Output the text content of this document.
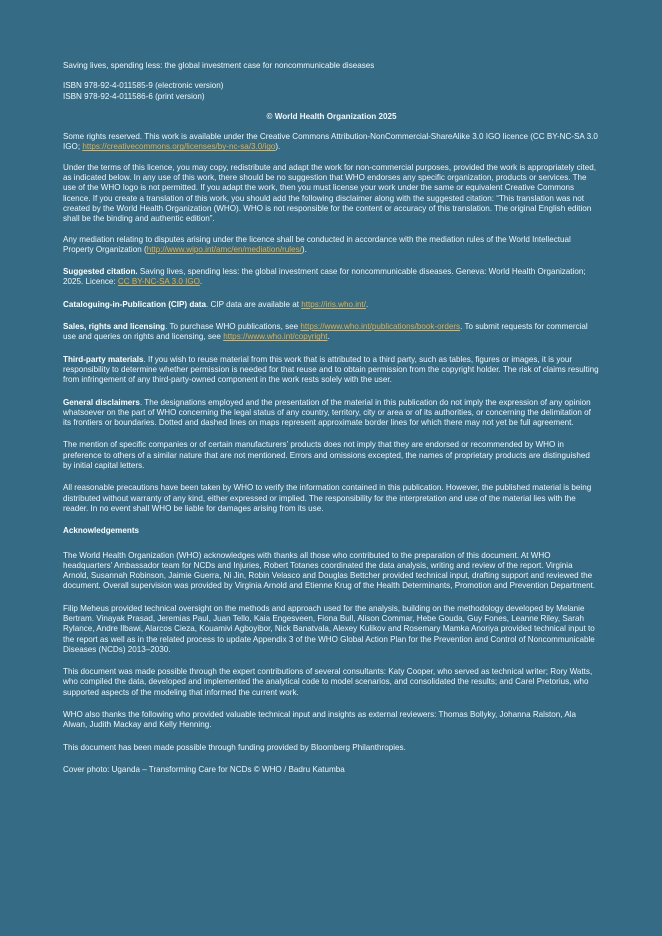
Saving lives, spending less: the global investment case for noncommunicable diseases

ISBN 978-92-4-011585-9 (electronic version)

ISBN 978-92-4-011586-6 (print version)

© World Health Organization 2025

Some rights reserved. This work is available under the Creative Commons Attribution-NonCommercial-ShareAlike 3.0 IGO licence (CC BY-NC-SA 3.0 IGO; https://creativecommons.org/licenses/by-nc-sa/3.0/igo).

Under the terms of this licence, you may copy, redistribute and adapt the work for non-commercial purposes, provided the work is appropriately cited, as indicated below. In any use of this work, there should be no suggestion that WHO endorses any specific organization, products or services. The use of the WHO logo is not permitted. If you adapt the work, then you must license your work under the same or equivalent Creative Commons licence. If you create a translation of this work, you should add the following disclaimer along with the suggested citation: “This translation was not created by the World Health Organization (WHO). WHO is not responsible for the content or accuracy of this translation. The original English edition shall be the binding and authentic edition”.

Any mediation relating to disputes arising under the licence shall be conducted in accordance with the mediation rules of the World Intellectual Property Organization (http://www.wipo.int/amc/en/mediation/rules/).

Suggested citation. Saving lives, spending less: the global investment case for noncommunicable diseases. Geneva: World Health Organization; 2025. Licence: CC BY-NC-SA 3.0 IGO.

Cataloguing-in-Publication (CIP) data. CIP data are available at https://iris.who.int/.

Sales, rights and licensing. To purchase WHO publications, see https://www.who.int/publications/book-orders. To submit requests for commercial use and queries on rights and licensing, see https://www.who.int/copyright.

Third-party materials. If you wish to reuse material from this work that is attributed to a third party, such as tables, figures or images, it is your responsibility to determine whether permission is needed for that reuse and to obtain permission from the copyright holder. The risk of claims resulting from infringement of any third-party-owned component in the work rests solely with the user.

General disclaimers. The designations employed and the presentation of the material in this publication do not imply the expression of any opinion whatsoever on the part of WHO concerning the legal status of any country, territory, city or area or of its authorities, or concerning the delimitation of its frontiers or boundaries. Dotted and dashed lines on maps represent approximate border lines for which there may not yet be full agreement.

The mention of specific companies or of certain manufacturers’ products does not imply that they are endorsed or recommended by WHO in preference to others of a similar nature that are not mentioned. Errors and omissions excepted, the names of proprietary products are distinguished by initial capital letters.

All reasonable precautions have been taken by WHO to verify the information contained in this publication. However, the published material is being distributed without warranty of any kind, either expressed or implied. The responsibility for the interpretation and use of the material lies with the reader. In no event shall WHO be liable for damages arising from its use.

Acknowledgements

The World Health Organization (WHO) acknowledges with thanks all those who contributed to the preparation of this document. At WHO headquarters’ Ambassador team for NCDs and Injuries, Robert Totanes coordinated the data analysis, writing and review of the report. Virginia Arnold, Susannah Robinson, Jaimie Guerra, Ni Jin, Robin Velasco and Douglas Bettcher provided technical input, drafting support and reviewed the document. Overall supervision was provided by Virginia Arnold and Etienne Krug of the Health Determinants, Promotion and Prevention Department.

Filip Meheus provided technical oversight on the methods and approach used for the analysis, building on the methodology developed by Melanie Bertram. Vinayak Prasad, Jeremias Paul, Juan Tello, Kaia Engesveen, Fiona Bull, Alison Commar, Hebe Gouda, Guy Fones, Leanne Riley, Sarah Rylance, Andre Ilbawi, Alarcos Cieza, Kouamivi Agboyibor, Nick Banatvala, Alexey Kulikov and Rosemary Mamka Anoriya provided technical input to the report as well as in the related process to update Appendix 3 of the WHO Global Action Plan for the Prevention and Control of Noncommunicable Diseases (NCDs) 2013–2030.

This document was made possible through the expert contributions of several consultants: Katy Cooper, who served as technical writer; Rory Watts, who compiled the data, developed and implemented the analytical code to model scenarios, and consolidated the results; and Carel Pretorius, who supported aspects of the modeling that informed the current work.

WHO also thanks the following who provided valuable technical input and insights as external reviewers: Thomas Bollyky, Johanna Ralston, Ala Alwan, Judith Mackay and Kelly Henning.

This document has been made possible through funding provided by Bloomberg Philanthropies.

Cover photo: Uganda – Transforming Care for NCDs © WHO / Badru Katumba
